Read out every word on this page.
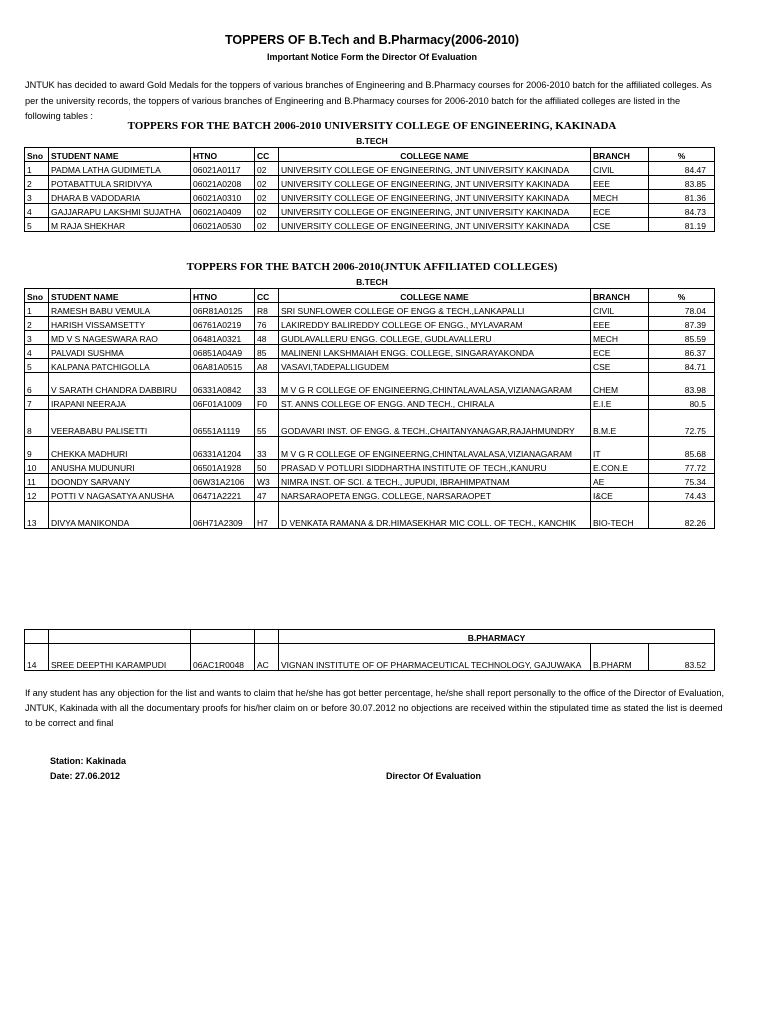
TOPPERS OF B.Tech and B.Pharmacy(2006-2010)
Important Notice Form the Director Of Evaluation
JNTUK has decided to award Gold Medals for the toppers of various branches of Engineering and B.Pharmacy courses for 2006-2010 batch for the affiliated colleges. As per the university records, the toppers of various branches of Engineering and B.Pharmacy courses for 2006-2010 batch for the affiliated colleges are listed in the following tables :
TOPPERS FOR THE BATCH 2006-2010 UNIVERSITY COLLEGE OF ENGINEERING, KAKINADA
B.TECH
Sno	STUDENT NAME	HTNO	CC	COLLEGE NAME	BRANCH	%
1	PADMA LATHA GUDIMETLA	06021A0117	02	UNIVERSITY COLLEGE OF ENGINEERING, JNT UNIVERSITY KAKINADA	CIVIL	84.47
2	POTABATTULA SRIDIVYA	06021A0208	02	UNIVERSITY COLLEGE OF ENGINEERING, JNT UNIVERSITY KAKINADA	EEE	83.85
3	DHARA B VADODARIA	06021A0310	02	UNIVERSITY COLLEGE OF ENGINEERING, JNT UNIVERSITY KAKINADA	MECH	81.36
4	GAJJARAPU LAKSHMI SUJATHA	06021A0409	02	UNIVERSITY COLLEGE OF ENGINEERING, JNT UNIVERSITY KAKINADA	ECE	84.73
5	M RAJA SHEKHAR	06021A0530	02	UNIVERSITY COLLEGE OF ENGINEERING, JNT UNIVERSITY KAKINADA	CSE	81.19
TOPPERS FOR THE BATCH 2006-2010(JNTUK AFFILIATED COLLEGES)
B.TECH
Sno	STUDENT NAME	HTNO	CC	COLLEGE NAME	BRANCH	%
1	RAMESH BABU VEMULA	06R81A0125	R8	SRI SUNFLOWER COLLEGE OF ENGG & TECH.,LANKAPALLI	CIVIL	78.04
2	HARISH VISSAMSETTY	06761A0219	76	LAKIREDDY BALIREDDY COLLEGE OF ENGG., MYLAVARAM	EEE	87.39
3	MD V S NAGESWARA RAO	06481A0321	48	GUDLAVALLERU ENGG. COLLEGE, GUDLAVALLERU	MECH	85.59
4	PALVADI SUSHMA	06851A04A9	85	MALINENI LAKSHMAIAH ENGG. COLLEGE, SINGARAYAKONDA	ECE	86.37
5	KALPANA PATCHIGOLLA	06A81A0515	A8	VASAVI,TADEPALLIGUDEM	CSE	84.71
6	V SARATH CHANDRA DABBIRU	06331A0842	33	M V G R COLLEGE OF ENGINEERNG,CHINTALAVALASA,VIZIANAGARAM	CHEM	83.98
7	IRAPANI NEERAJA	06F01A1009	F0	ST. ANNS COLLEGE OF ENGG. AND TECH., CHIRALA	E.I.E	80.5
8	VEERABABU PALISETTI	06551A1119	55	GODAVARI INST. OF ENGG. & TECH.,CHAITANYANAGAR,RAJAHMUNDRY	B.M.E	72.75
9	CHEKKA MADHURI	06331A1204	33	M V G R COLLEGE OF ENGINEERNG,CHINTALAVALASA,VIZIANAGARAM	IT	85.68
10	ANUSHA MUDUNURI	06501A1928	50	PRASAD V POTLURI SIDDHARTHA INSTITUTE OF TECH.,KANURU	E.CON.E	77.72
11	DOONDY SARVANY	06W31A2106	W3	NIMRA INST. OF SCI. & TECH., JUPUDI, IBRAHIMPATNAM	AE	75.34
12	POTTI V NAGASATYA ANUSHA	06471A2221	47	NARSARAOPETA ENGG. COLLEGE, NARSARAOPET	I&CE	74.43
13	DIVYA MANIKONDA	06H71A2309	H7	D VENKATA RAMANA & DR.HIMASEKHAR MIC COLL. OF TECH., KANCHIK	BIO-TECH	82.26
				B.PHARMACY		
14	SREE DEEPTHI KARAMPUDI	06AC1R0048	AC	VIGNAN INSTITUTE OF OF PHARMACEUTICAL TECHNOLOGY, GAJUWAKA	B.PHARM	83.52
If any student has any objection for the list and wants to claim that he/she has got better percentage, he/she shall report personally to the office of the Director of Evaluation, JNTUK, Kakinada with all the documentary proofs for his/her claim on or before 30.07.2012 no objections are received within the stipulated time as stated the list is deemed to be correct and final
Station: Kakinada
Date: 27.06.2012	Director Of Evaluation
